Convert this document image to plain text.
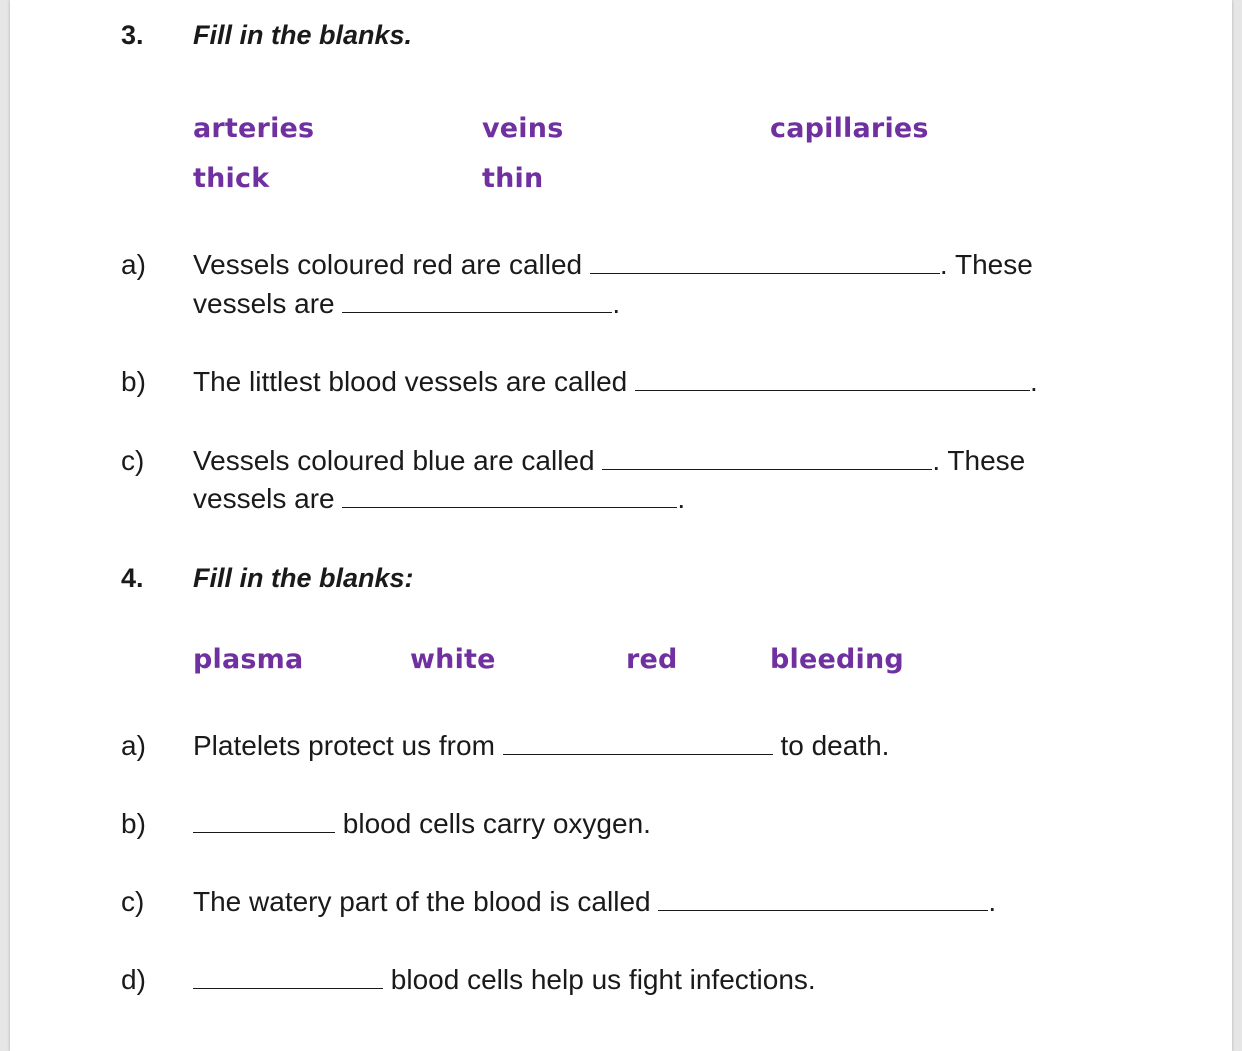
3. Fill in the blanks.
arteries	veins	capillaries
thick	thin
a) Vessels coloured red are called	. These
vessels are	.
b) The littlest blood vessels are called	.
c) Vessels coloured blue are called	. These
vessels are	.
4. Fill in the blanks:
plasma	white	red	bleeding
a) Platelets protect us from	to death.
b)	blood cells carry oxygen.
c) The watery part of the blood is called	.
d)	blood cells help us fight infections.
